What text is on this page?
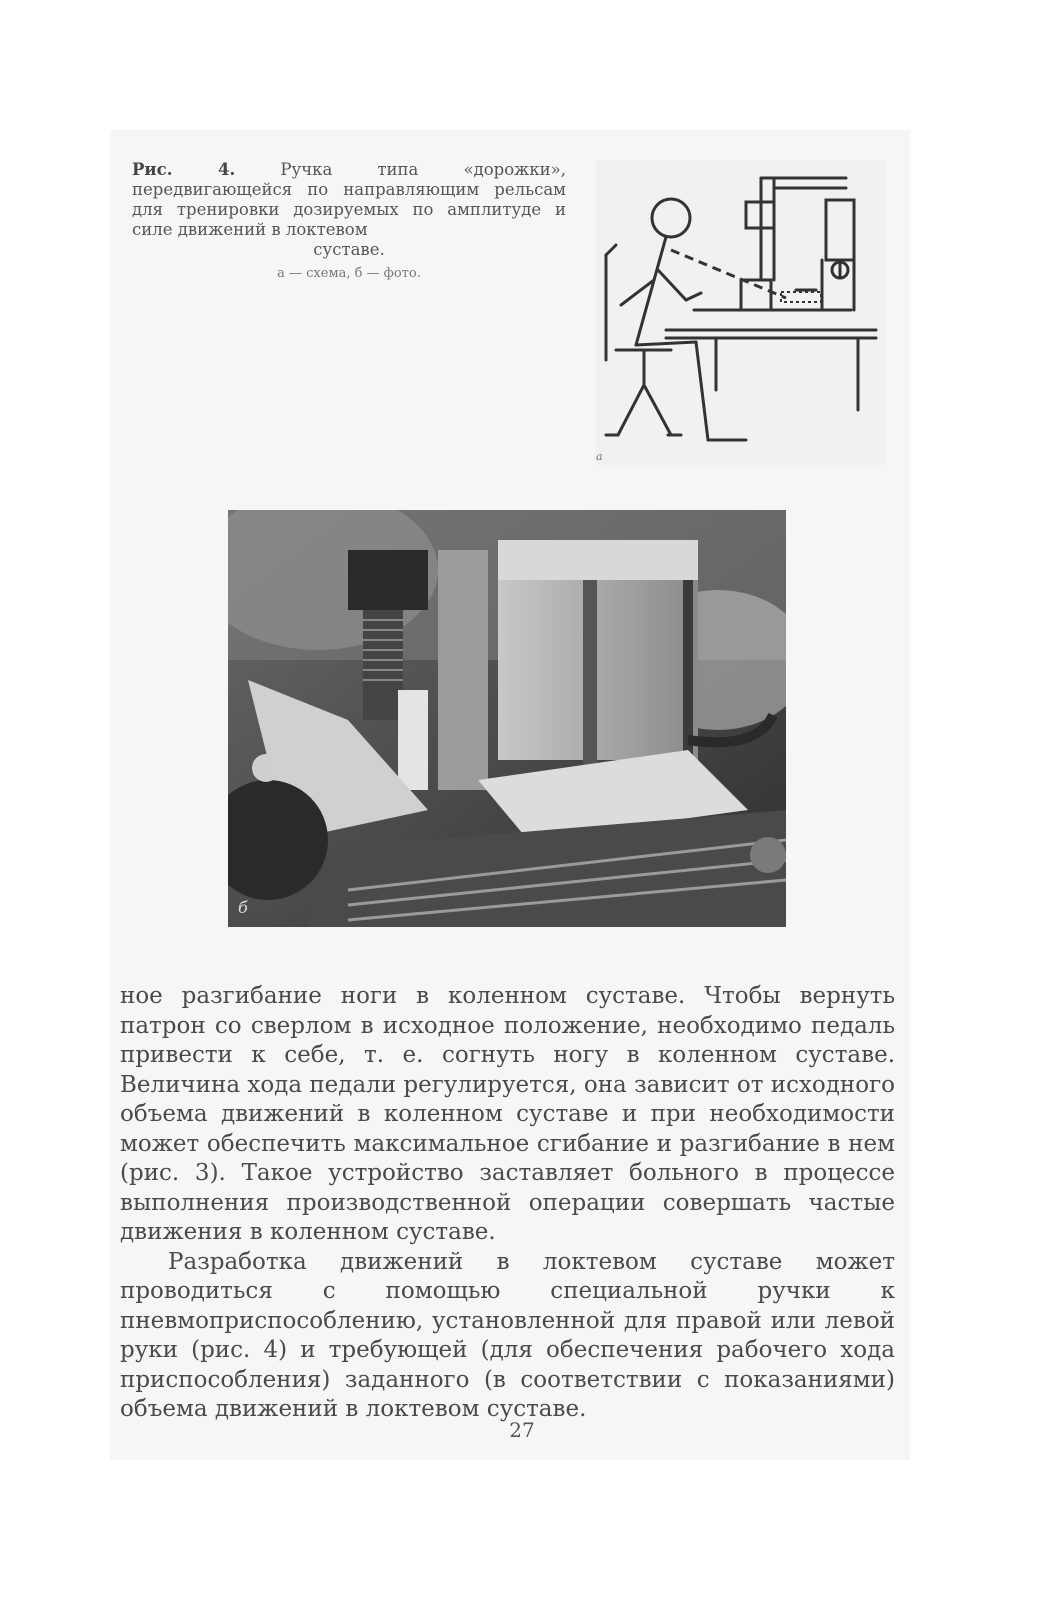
Рис. 4.	Ручка типа «дорожки», передвигающейся по направляющим рельсам для тренировки дозируемых по амплитуде и силе движений в локтевом
суставе.
а — схема, б — фото.
а
б

ное разгибание ноги в коленном суставе. Чтобы вернуть патрон со сверлом в исходное положение, необходимо педаль привести к себе, т. е. согнуть ногу в коленном суставе. Величина хода педали регулируется, она зависит от исходного объема движений в коленном суставе и при необходимости может обеспечить максимальное сгибание и разгибание в нем (рис. 3). Такое устройство заставляет больного в процессе выполнения производственной операции совершать частые движения в коленном суставе.

Разработка движений в локтевом суставе может проводиться с помощью специальной ручки к пневмоприспособлению, установленной для правой или левой руки (рис. 4) и требующей (для обеспечения рабочего хода приспособления) заданного (в соответствии с показаниями) объема движений в локтевом суставе.

27
